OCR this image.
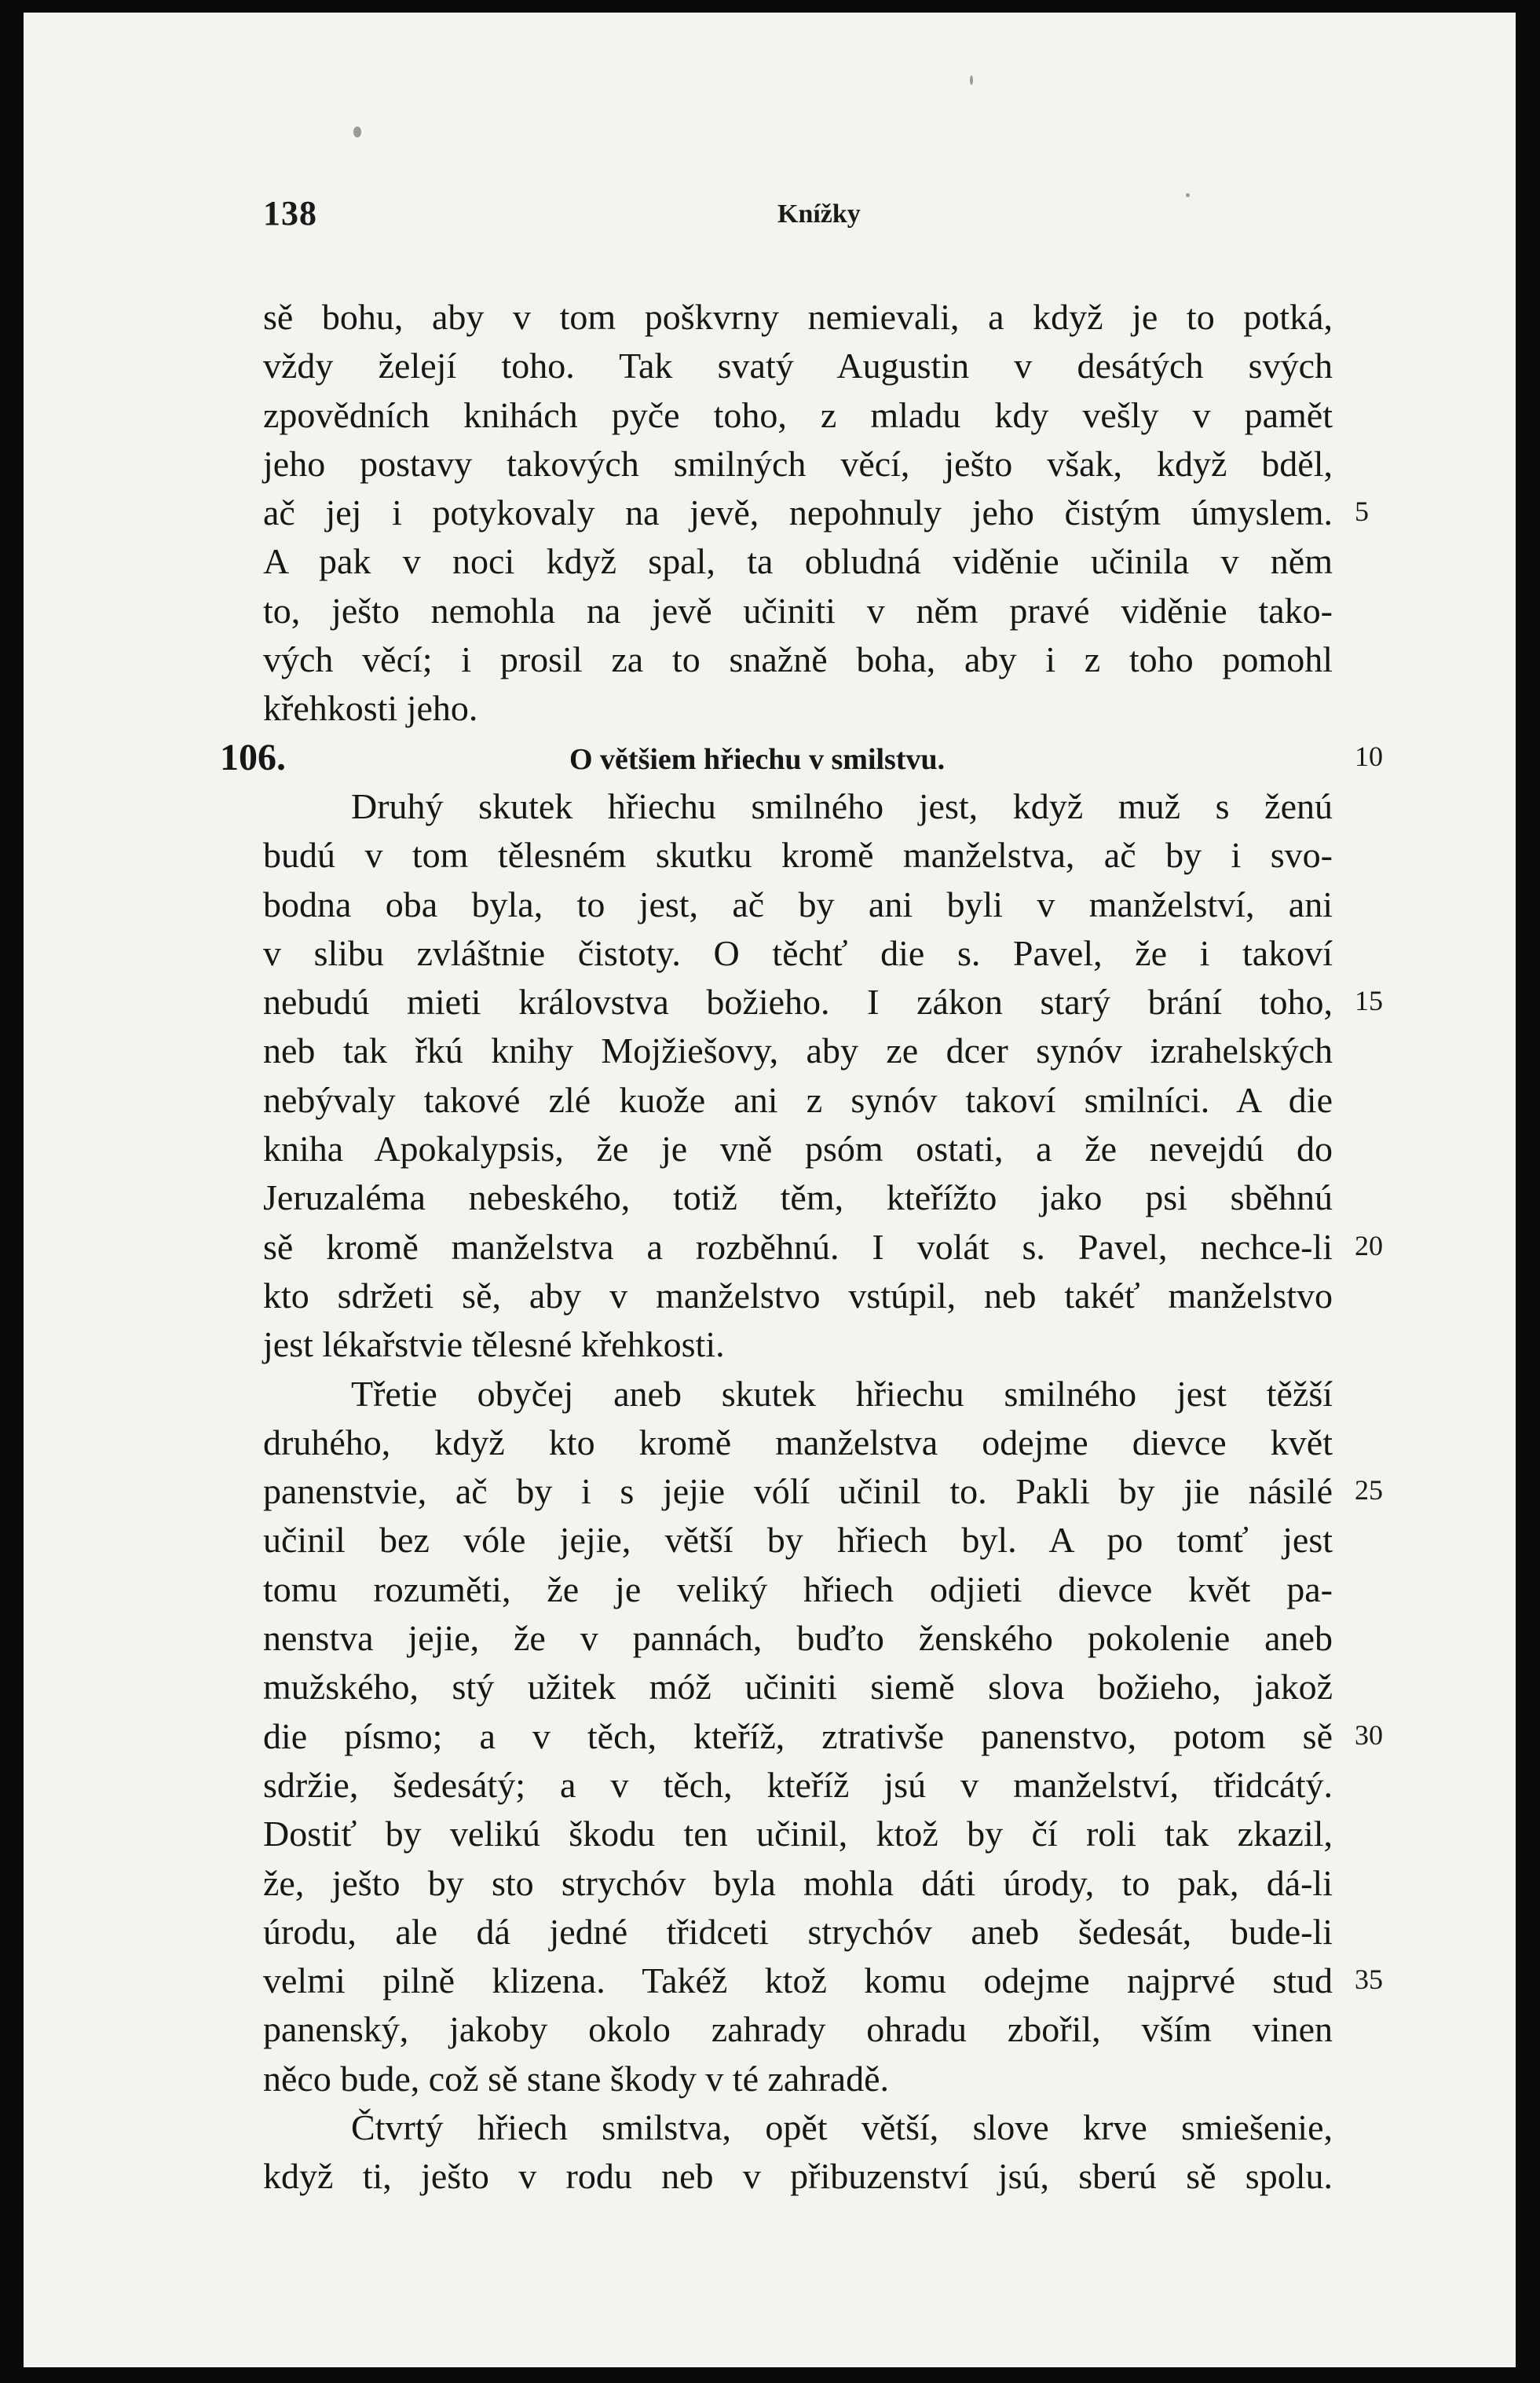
138	Knížky
sě bohu, aby v tom poškvrny nemievali, a když je to potká,
vždy želejí toho. Tak svatý Augustin v desátých svých
zpovědních knihách pyče toho, z mladu kdy vešly v pamět
jeho postavy takových smilných věcí, ješto však, když bděl,
ač jej i potykovaly na jevě, nepohnuly jeho čistým úmyslem. 5
A pak v noci když spal, ta obludná viděnie učinila v něm
to, ješto nemohla na jevě učiniti v něm pravé viděnie tako-
vých věcí; i prosil za to snažně boha, aby i z toho pomohl
křehkosti jeho.
106.	O většiem hřiechu v smilstvu.	10
Druhý skutek hřiechu smilného jest, když muž s ženú
budú v tom tělesném skutku kromě manželstva, ač by i svo-
bodna oba byla, to jest, ač by ani byli v manželství, ani
v slibu zvláštnie čistoty. O těchť die s. Pavel, že i takoví
nebudú mieti královstva božieho. I zákon starý brání toho, 15
neb tak řkú knihy Mojžiešovy, aby ze dcer synóv izrahelských
nebývaly takové zlé kuože ani z synóv takoví smilníci. A die
kniha Apokalypsis, že je vně psóm ostati, a že nevejdú do
Jeruzaléma nebeského, totiž těm, kteřížto jako psi sběhnú
sě kromě manželstva a rozběhnú. I volát s. Pavel, nechce-li 20
kto sdržeti sě, aby v manželstvo vstúpil, neb takéť manželstvo
jest lékařstvie tělesné křehkosti.
Třetie obyčej aneb skutek hřiechu smilného jest těžší
druhého, když kto kromě manželstva odejme dievce květ
panenstvie, ač by i s jejie vólí učinil to. Pakli by jie násilé 25
učinil bez vóle jejie, větší by hřiech byl. A po tomť jest
tomu rozuměti, že je veliký hřiech odjieti dievce květ pa-
nenstva jejie, že v pannách, buďto ženského pokolenie aneb
mužského, stý užitek móž učiniti siemě slova božieho, jakož
die písmo; a v těch, kteříž, ztrativše panenstvo, potom sě 30
sdržie, šedesátý; a v těch, kteříž jsú v manželství, třidcátý.
Dostiť by velikú škodu ten učinil, ktož by čí roli tak zkazil,
že, ješto by sto strychóv byla mohla dáti úrody, to pak, dá-li
úrodu, ale dá jedné třidceti strychóv aneb šedesát, bude-li
velmi pilně klizena. Takéž ktož komu odejme najprvé stud 35
panenský, jakoby okolo zahrady ohradu zbořil, vším vinen
něco bude, což sě stane škody v té zahradě.
Čtvrtý hřiech smilstva, opět větší, slove krve smiešenie,
když ti, ješto v rodu neb v přibuzenství jsú, sberú sě spolu.
